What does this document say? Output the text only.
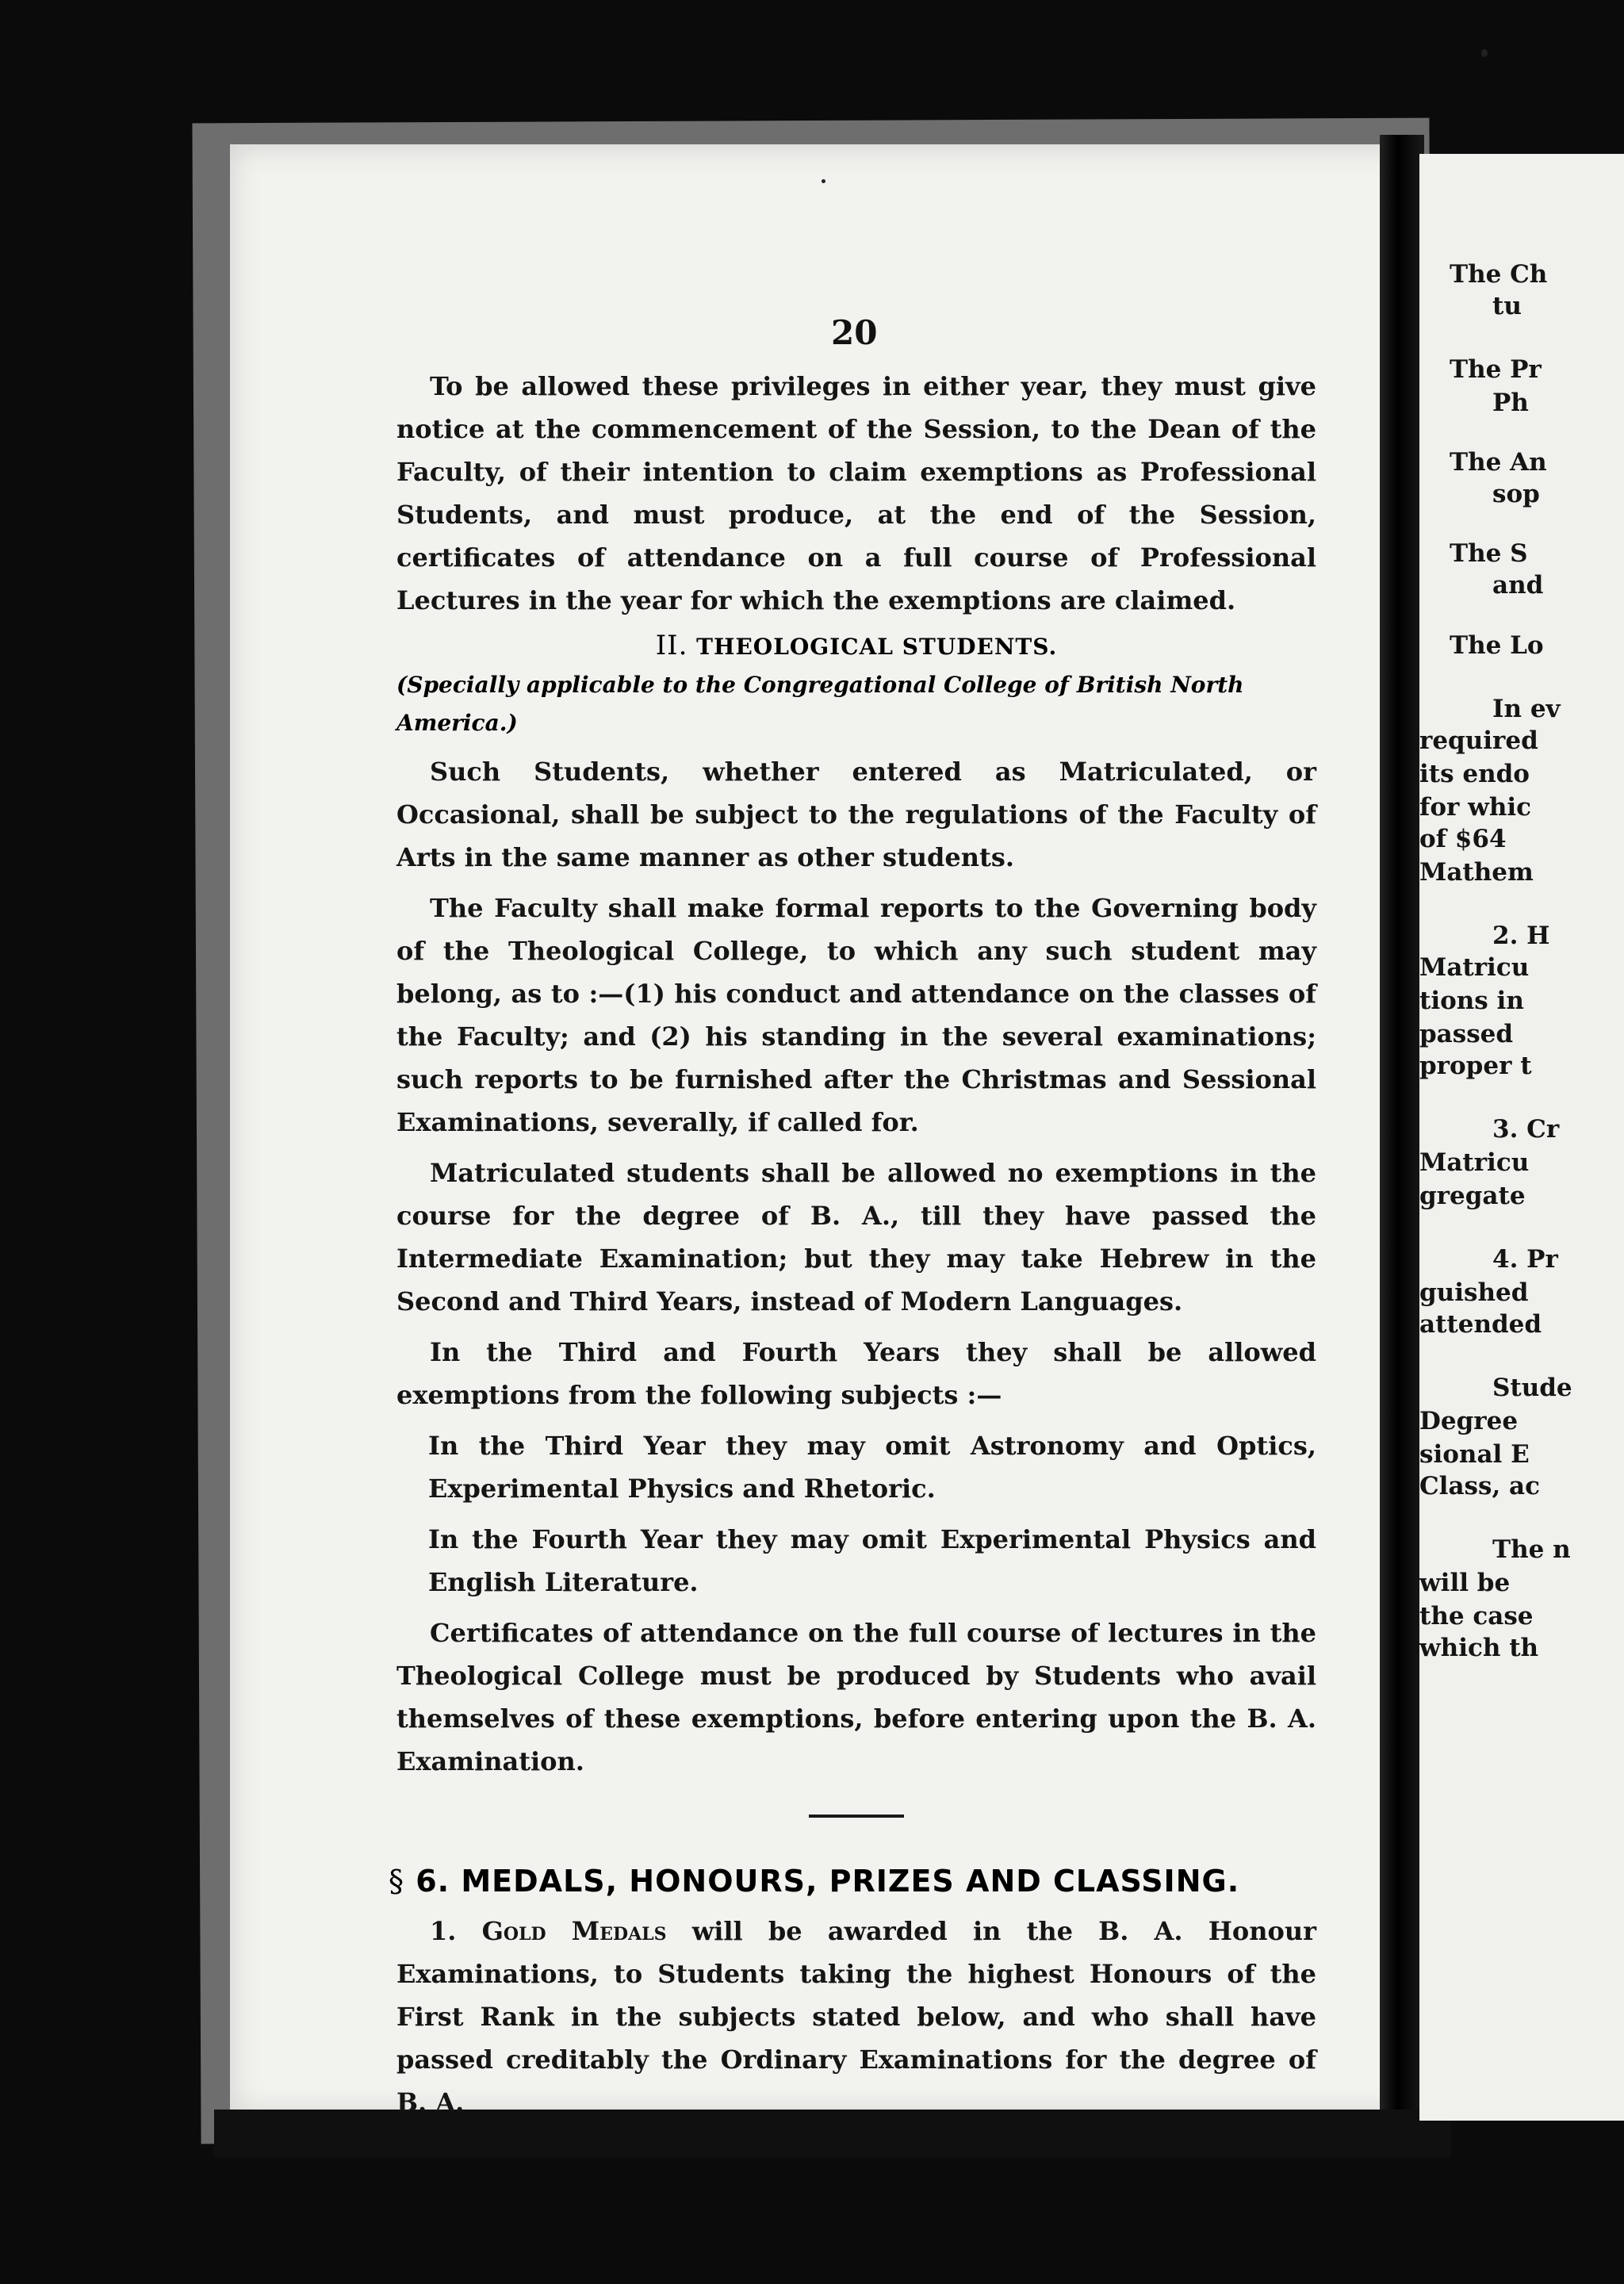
20

To be allowed these privileges in either year, they must give notice at the commencement of the Session, to the Dean of the Faculty, of their intention to claim exemptions as Professional Students, and must produce, at the end of the Session, certificates of attendance on a full course of Professional Lectures in the year for which the exemptions are claimed.

II. THEOLOGICAL STUDENTS.
(Specially applicable to the Congregational College of British North America.)

Such Students, whether entered as Matriculated, or Occasional, shall be subject to the regulations of the Faculty of Arts in the same manner as other students.

The Faculty shall make formal reports to the Governing body of the Theological College, to which any such student may belong, as to :—(1) his conduct and attendance on the classes of the Faculty; and (2) his standing in the several examinations; such reports to be furnished after the Christmas and Sessional Examinations, severally, if called for.

Matriculated students shall be allowed no exemptions in the course for the degree of B. A., till they have passed the Intermediate Examination; but they may take Hebrew in the Second and Third Years, instead of Modern Languages.

In the Third and Fourth Years they shall be allowed exemptions from the following subjects :—

In the Third Year they may omit Astronomy and Optics, Experimental Physics and Rhetoric.

In the Fourth Year they may omit Experimental Physics and English Literature.

Certificates of attendance on the full course of lectures in the Theological College must be produced by Students who avail themselves of these exemptions, before entering upon the B. A. Examination.

§ 6. MEDALS, HONOURS, PRIZES AND CLASSING.

1. Gold Medals will be awarded in the B. A. Honour Examinations, to Students taking the highest Honours of the First Rank in the subjects stated below, and who shall have passed creditably the Ordinary Examinations for the degree of B. A.

The Ch
tu
The Pr
Ph
The An
sop
The S
and
The Lo
In ev
required
its endo
for whic
of $64
Mathem
2. H
Matricu
tions in
passed
proper t
3. Cr
Matricu
gregate
4. Pr
guished
attended
Stude
Degree
sional E
Class, ac
The n
will be
the case
which th
